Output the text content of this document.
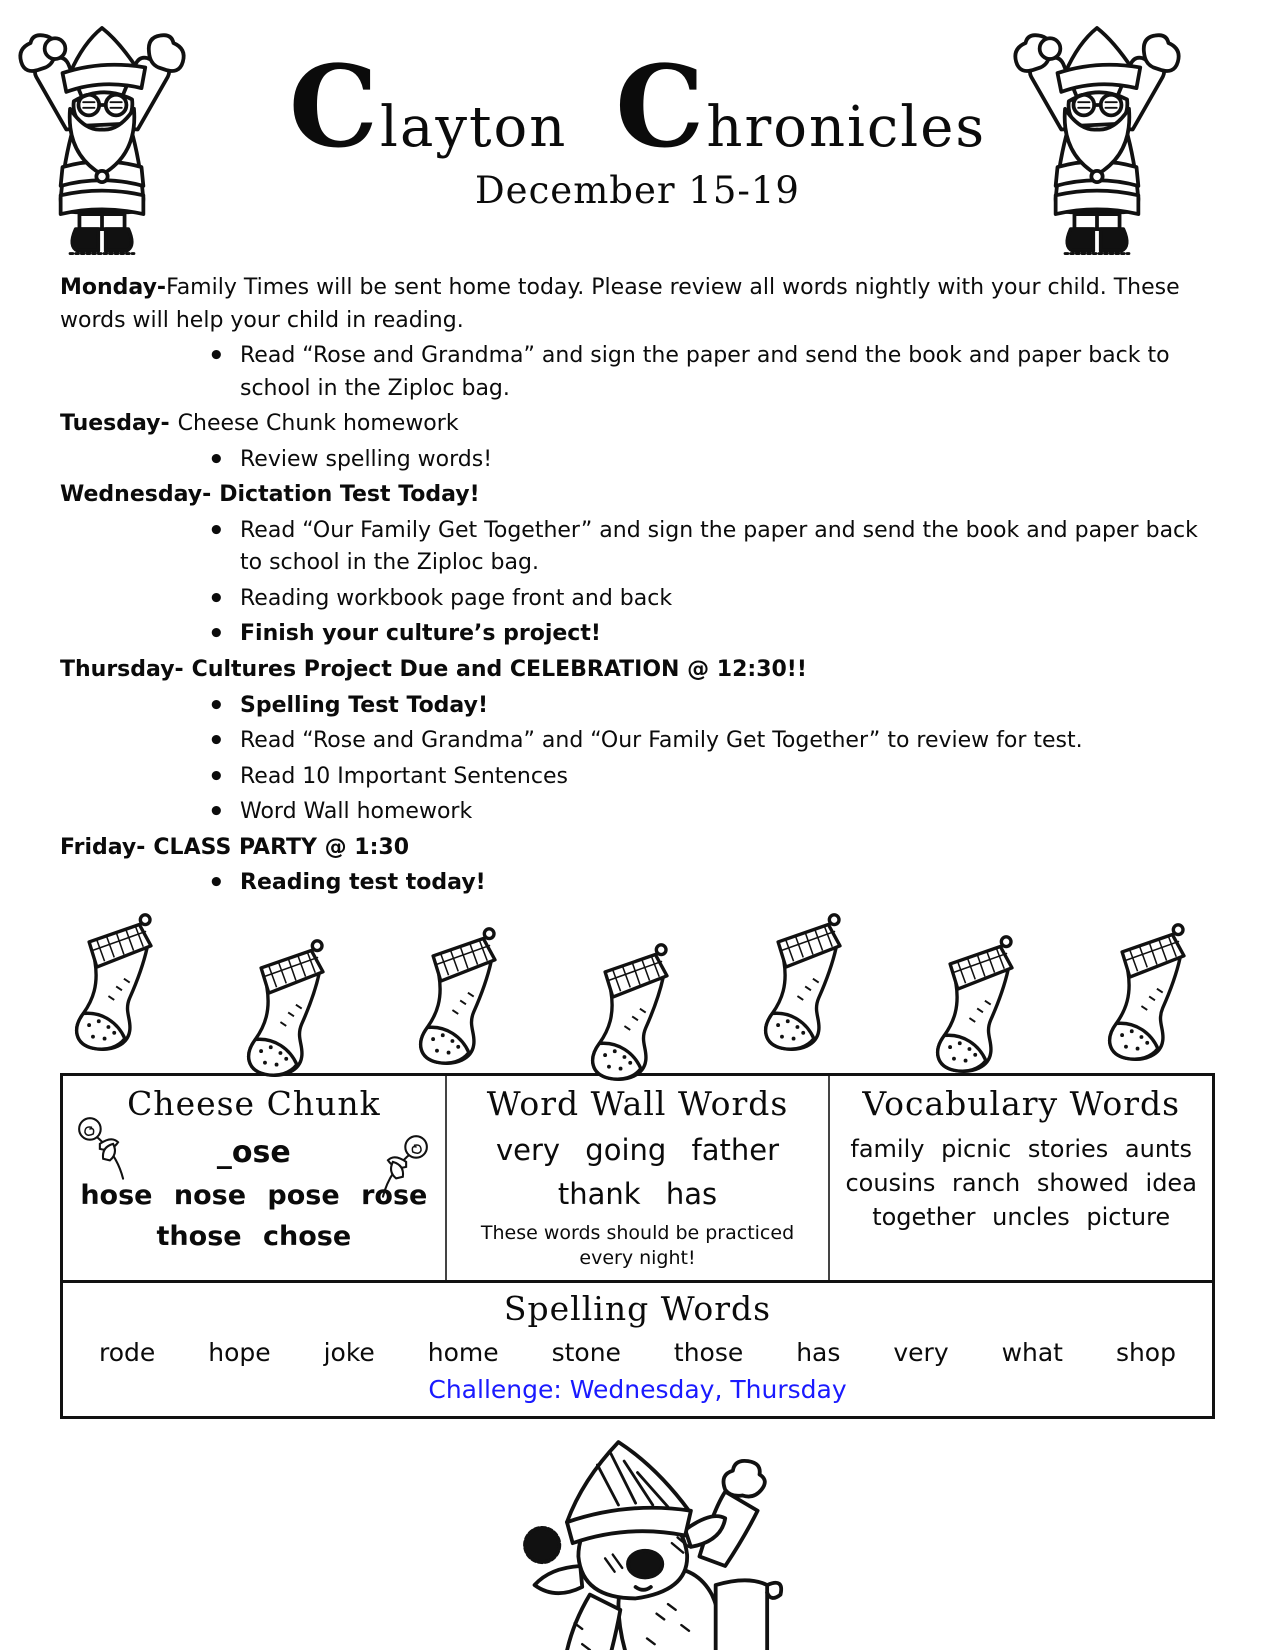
Clayton Chronicles
December 15-19
Monday-Family Times will be sent home today. Please review all words nightly with your child. These words will help your child in reading.
• Read “Rose and Grandma” and sign the paper and send the book and paper back to school in the Ziploc bag.
Tuesday- Cheese Chunk homework
• Review spelling words!
Wednesday- Dictation Test Today!
• Read “Our Family Get Together” and sign the paper and send the book and paper back to school in the Ziploc bag.
• Reading workbook page front and back
• Finish your culture’s project!
Thursday- Cultures Project Due and CELEBRATION @ 12:30!!
• Spelling Test Today!
• Read “Rose and Grandma” and “Our Family Get Together” to review for test.
• Read 10 Important Sentences
• Word Wall homework
Friday- CLASS PARTY @ 1:30
• Reading test today!
Cheese Chunk
_ose
hose nose pose rose
those chose
Word Wall Words
very going father
thank has
These words should be practiced every night!
Vocabulary Words
family picnic stories aunts
cousins ranch showed idea
together uncles picture
Spelling Words
rode hope joke home stone those has very what shop
Challenge: Wednesday, Thursday
